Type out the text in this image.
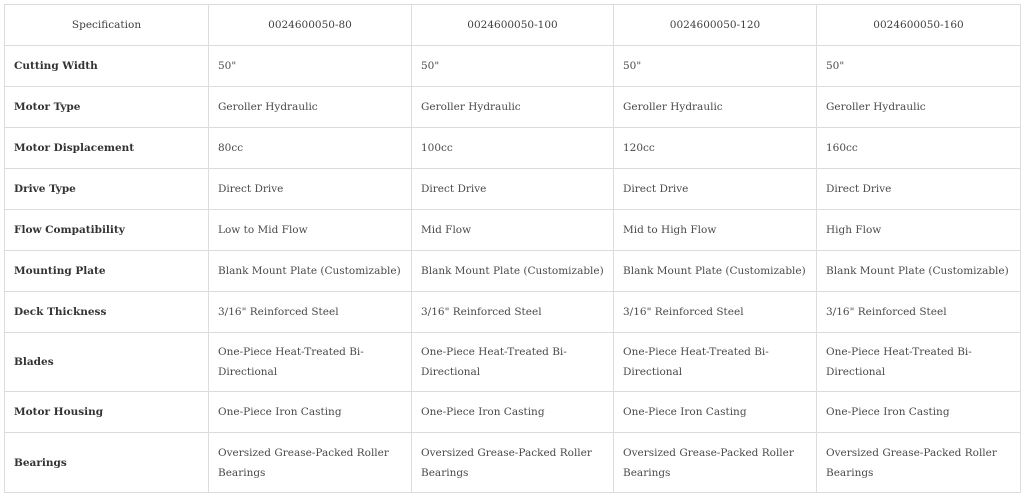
Specification	0024600050-80	0024600050-100	0024600050-120	0024600050-160
Cutting Width	50"	50"	50"	50"
Motor Type	Geroller Hydraulic	Geroller Hydraulic	Geroller Hydraulic	Geroller Hydraulic
Motor Displacement	80cc	100cc	120cc	160cc
Drive Type	Direct Drive	Direct Drive	Direct Drive	Direct Drive
Flow Compatibility	Low to Mid Flow	Mid Flow	Mid to High Flow	High Flow
Mounting Plate	Blank Mount Plate (Customizable)	Blank Mount Plate (Customizable)	Blank Mount Plate (Customizable)	Blank Mount Plate (Customizable)
Deck Thickness	3/16" Reinforced Steel	3/16" Reinforced Steel	3/16" Reinforced Steel	3/16" Reinforced Steel
Blades	One-Piece Heat-Treated Bi-Directional	One-Piece Heat-Treated Bi-Directional	One-Piece Heat-Treated Bi-Directional	One-Piece Heat-Treated Bi-Directional
Motor Housing	One-Piece Iron Casting	One-Piece Iron Casting	One-Piece Iron Casting	One-Piece Iron Casting
Bearings	Oversized Grease-Packed Roller Bearings	Oversized Grease-Packed Roller Bearings	Oversized Grease-Packed Roller Bearings	Oversized Grease-Packed Roller Bearings
